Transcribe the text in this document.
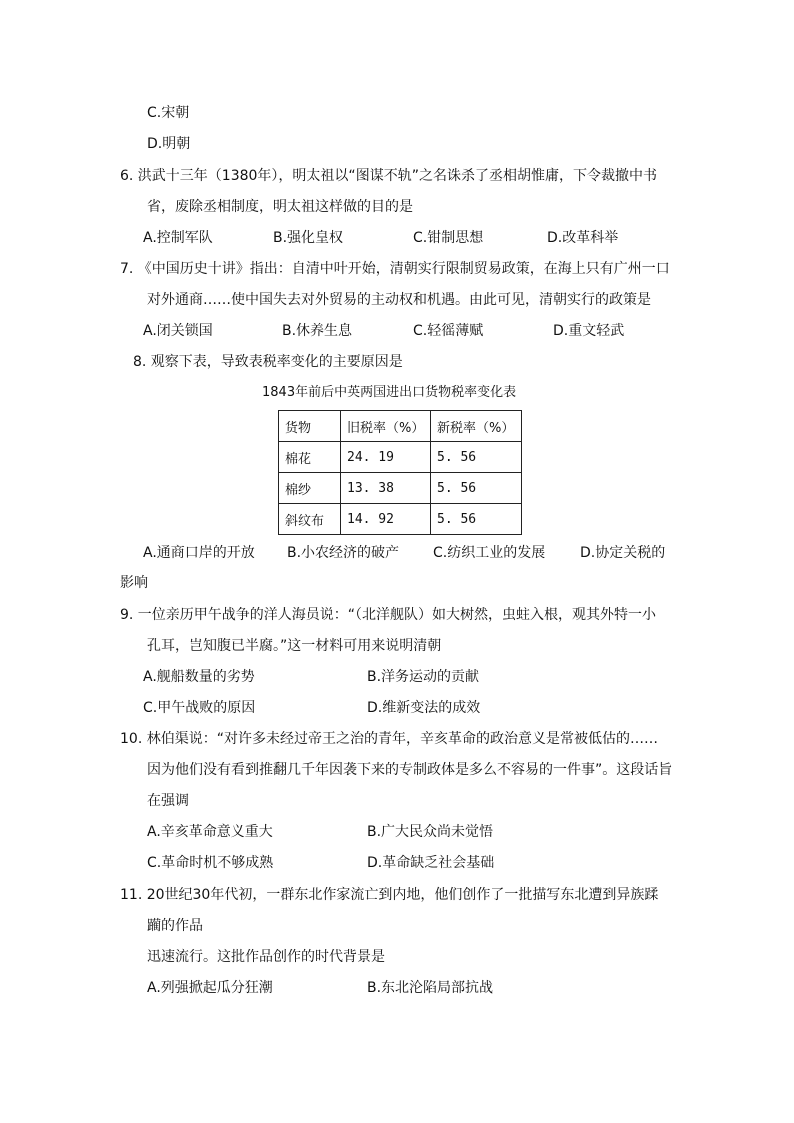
C.宋朝
D.明朝
6. 洪武十三年（1380年），明太祖以“图谋不轨”之名诛杀了丞相胡惟庸，下令裁撤中书
省，废除丞相制度，明太祖这样做的目的是
A.控制军队	B.强化皇权	C.钳制思想	D.改革科举
7. 《中国历史十讲》指出：自清中叶开始，清朝实行限制贸易政策，在海上只有广州一口
对外通商……使中国失去对外贸易的主动权和机遇。由此可见，清朝实行的政策是
A.闭关锁国	B.休养生息	C.轻徭薄赋	D.重文轻武
8. 观察下表，导致表税率变化的主要原因是
1843年前后中英两国进出口货物税率变化表
货物	旧税率（%）	新税率（%）
棉花	24. 19	5. 56
棉纱	13. 38	5. 56
斜纹布	14. 92	5. 56
A.通商口岸的开放 B.小农经济的破产 C.纺织工业的发展 D.协定关税的
影响
9. 一位亲历甲午战争的洋人海员说：“（北洋舰队）如大树然，虫蛀入根，观其外特一小
孔耳，岂知腹已半腐。”这一材料可用来说明清朝
A.舰船数量的劣势	B.洋务运动的贡献
C.甲午战败的原因	D.维新变法的成效
10. 林伯渠说：“对许多未经过帝王之治的青年，辛亥革命的政治意义是常被低估的……
因为他们没有看到推翻几千年因袭下来的专制政体是多么不容易的一件事”。这段话旨
在强调
A.辛亥革命意义重大	B.广大民众尚未觉悟
C.革命时机不够成熟	D.革命缺乏社会基础
11. 20世纪30年代初，一群东北作家流亡到内地，他们创作了一批描写东北遭到异族蹂
躏的作品
迅速流行。这批作品创作的时代背景是
A.列强掀起瓜分狂潮	B.东北沦陷局部抗战
